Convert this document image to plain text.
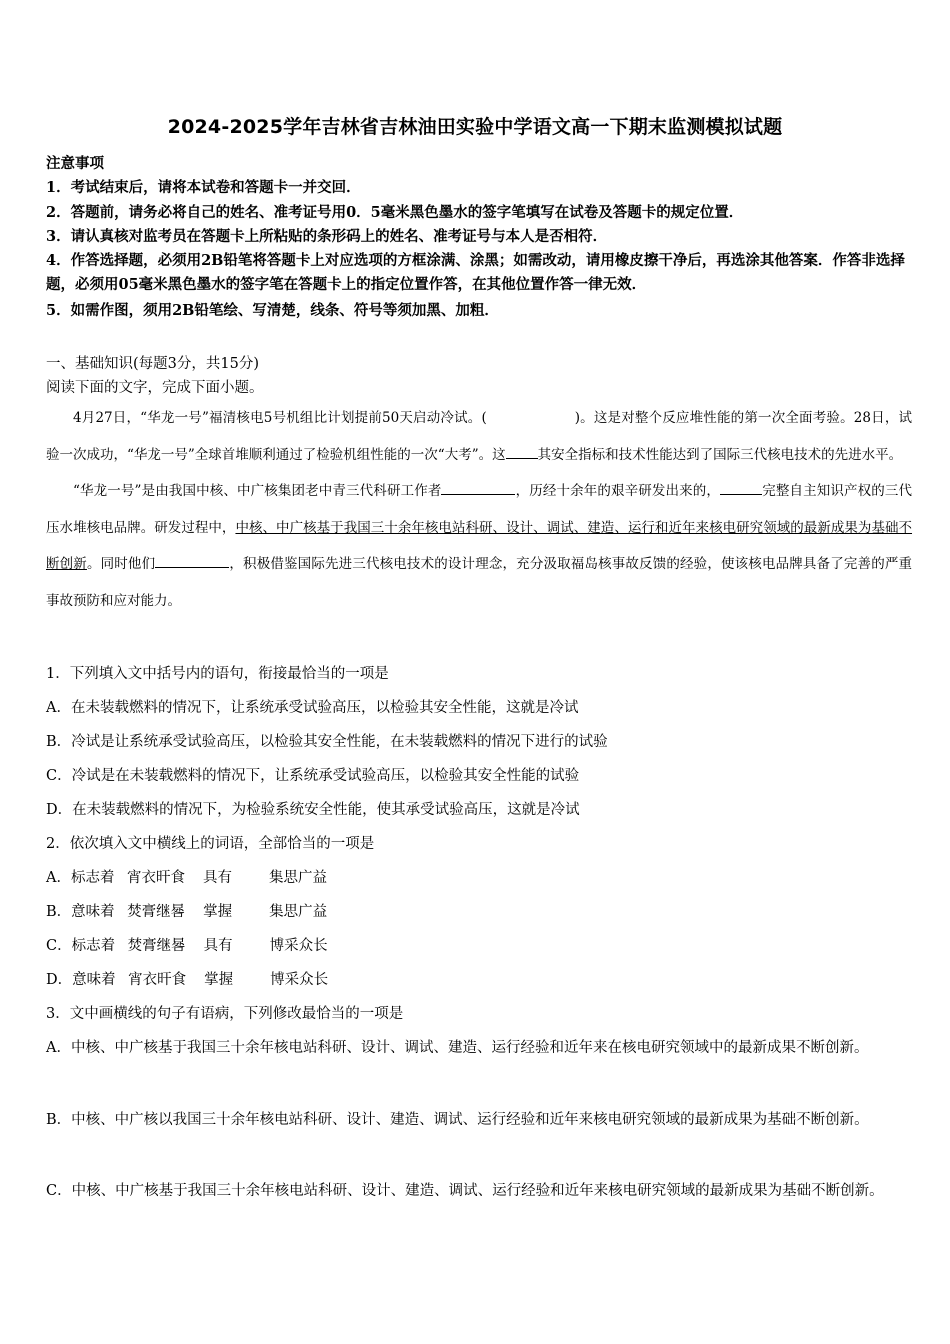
2024-2025学年吉林省吉林油田实验中学语文高一下期末监测模拟试题
注意事项
1．考试结束后，请将本试卷和答题卡一并交回．
2．答题前，请务必将自己的姓名、准考证号用0．5毫米黑色墨水的签字笔填写在试卷及答题卡的规定位置．
3．请认真核对监考员在答题卡上所粘贴的条形码上的姓名、准考证号与本人是否相符．
4．作答选择题，必须用2B铅笔将答题卡上对应选项的方框涂满、涂黑；如需改动，请用橡皮擦干净后，再选涂其他答案．作答非选择题，必须用05毫米黑色墨水的签字笔在答题卡上的指定位置作答，在其他位置作答一律无效．
5．如需作图，须用2B铅笔绘、写清楚，线条、符号等须加黑、加粗．
一、基础知识(每题3分，共15分)
阅读下面的文字，完成下面小题。

4月27日，“华龙一号”福清核电5号机组比计划提前50天启动冷试。(	)。这是对整个反应堆性能的第一次全面考验。28日，试验一次成功，“华龙一号”全球首堆顺利通过了检验机组性能的一次“大考”。这 其安全指标和技术性能达到了国际三代核电技术的先进水平。

“华龙一号”是由我国中核、中广核集团老中青三代科研工作者	，历经十余年的艰辛研发出来的，	完整自主知识产权的三代压水堆核电品牌。研发过程中，中核、中广核基于我国三十余年核电站科研、设计、调试、建造、运行和近年来核电研究领域的最新成果为基础不断创新。同时他们	，积极借鉴国际先进三代核电技术的设计理念，充分汲取福岛核事故反馈的经验，使该核电品牌具备了完善的严重事故预防和应对能力。

1．下列填入文中括号内的语句，衔接最恰当的一项是
A．在未装载燃料的情况下，让系统承受试验高压，以检验其安全性能，这就是冷试
B．冷试是让系统承受试验高压，以检验其安全性能，在未装载燃料的情况下进行的试验
C．冷试是在未装载燃料的情况下，让系统承受试验高压，以检验其安全性能的试验
D．在未装载燃料的情况下，为检验系统安全性能，使其承受试验高压，这就是冷试
2．依次填入文中横线上的词语，全部恰当的一项是
A．标志着 宵衣旰食 具有	集思广益
B．意味着 焚膏继晷 掌握	集思广益
C．标志着 焚膏继晷 具有	博采众长
D．意味着 宵衣旰食 掌握	博采众长
3．文中画横线的句子有语病，下列修改最恰当的一项是
A．中核、中广核基于我国三十余年核电站科研、设计、调试、建造、运行经验和近年来在核电研究领域中的最新成果不断创新。
B．中核、中广核以我国三十余年核电站科研、设计、建造、调试、运行经验和近年来核电研究领域的最新成果为基础不断创新。
C．中核、中广核基于我国三十余年核电站科研、设计、建造、调试、运行经验和近年来核电研究领域的最新成果为基础不断创新。
